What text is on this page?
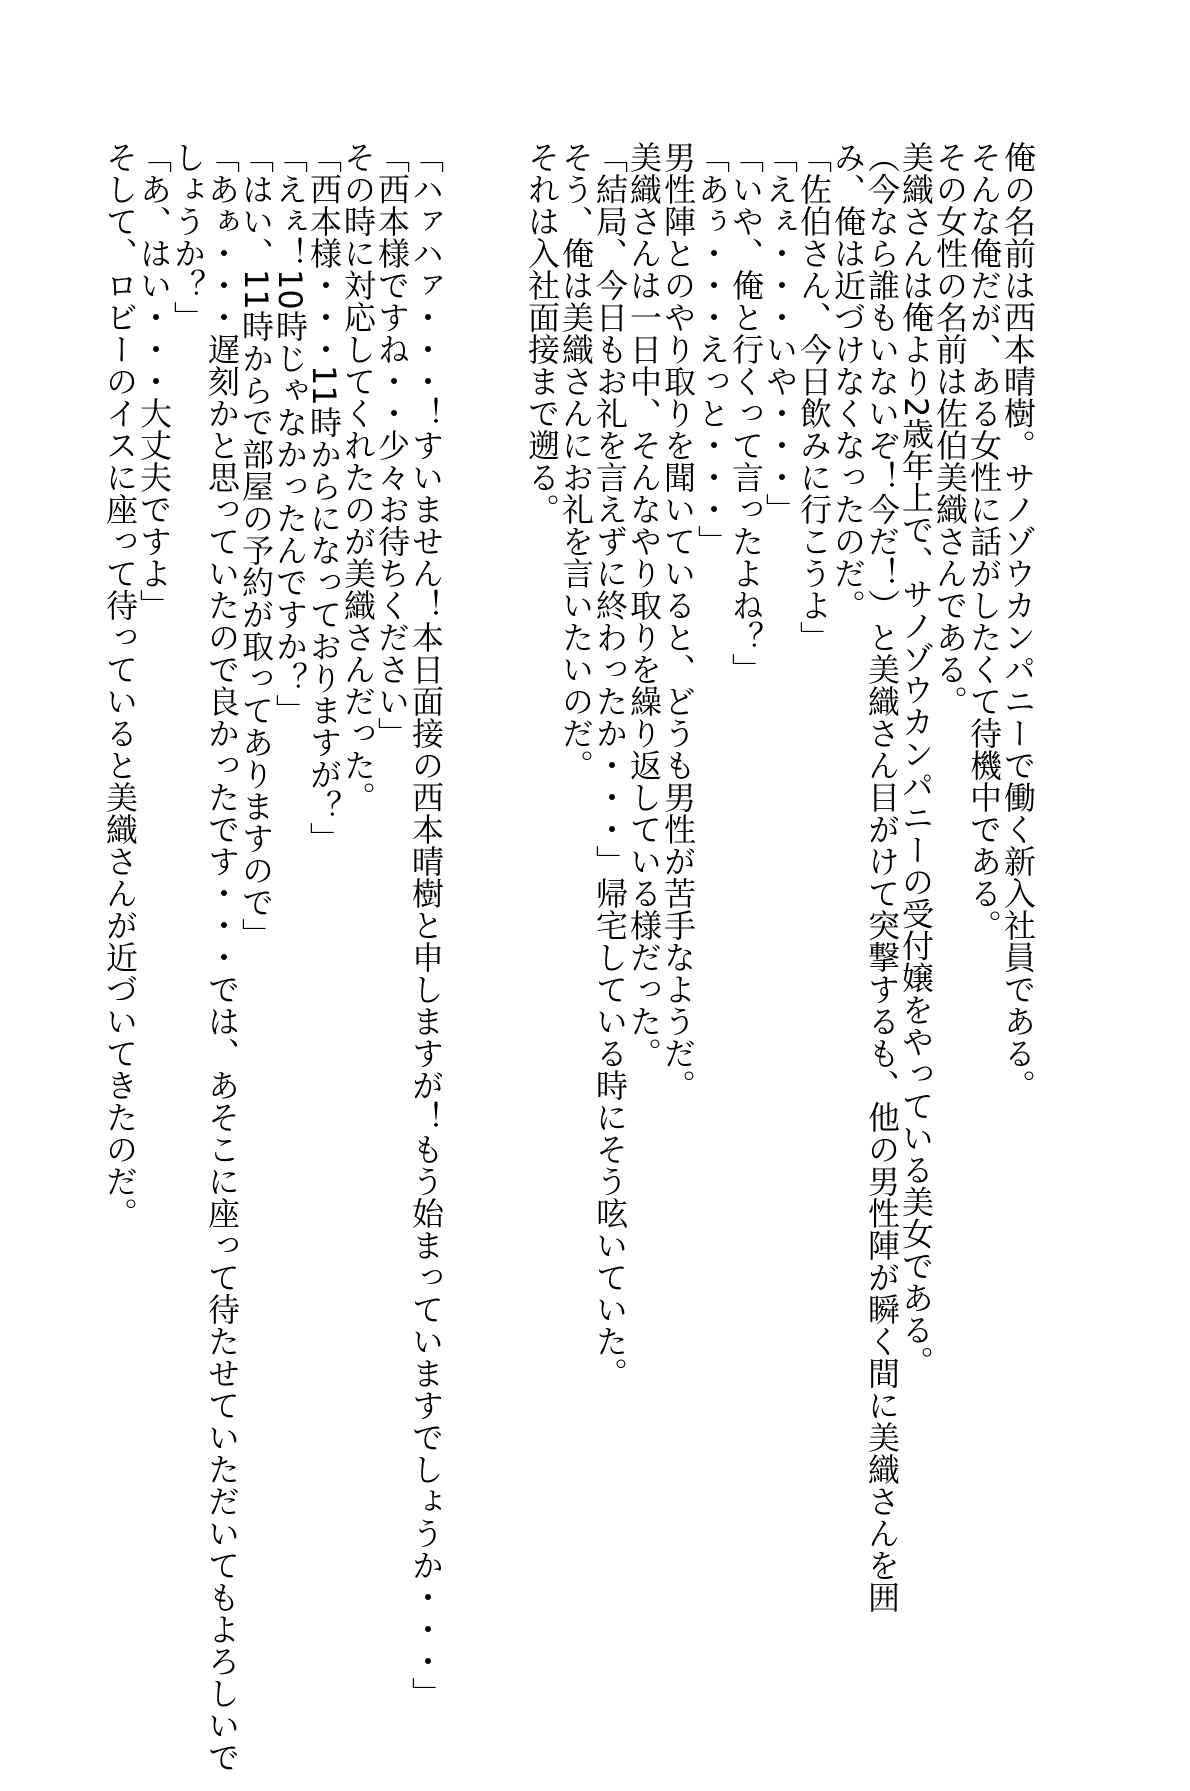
俺の名前は西本晴樹。サノゾウカンパニーで働く新入社員である。
そんな俺だが、ある女性に話がしたくて待機中である。
その女性の名前は佐伯美織さんである。
美織さんは俺より2歳年上で、サノゾウカンパニーの受付嬢をやっている美女である。
（今なら誰もいないぞ！今だ！）と美織さん目がけて突撃するも、他の男性陣が瞬く間に美織さんを囲
み、俺は近づけなくなったのだ。
「佐伯さん、今日飲みに行こうよ」
「えぇ・・・いや・・・」
「いや、俺と行くって言ったよね？」
「あぅ・・・えっと・・・」
男性陣とのやり取りを聞いていると、どうも男性が苦手なようだ。
美織さんは一日中、そんなやり取りを繰り返している様だった。
「結局、今日もお礼を言えずに終わったか・・・」帰宅している時にそう呟いていた。
そう、俺は美織さんにお礼を言いたいのだ。
それは入社面接まで遡る。
「ハァハァ・・・！すいません！本日面接の西本晴樹と申しますが！もう始まっていますでしょうか・・・」
「西本様ですね・・少々お待ちください」
その時に対応してくれたのが美織さんだった。
「西本様・・・11時からになっておりますが？」
「えぇ！10時じゃなかったんですか？」
「はい、11時からで部屋の予約が取ってありますので」
「あぁ・・・遅刻かと思っていたので良かったです・・・では、あそこに座って待たせていただいてもよろしいで
しょうか？」
「あ、はい・・・大丈夫ですよ」
そして、ロビーのイスに座って待っていると美織さんが近づいてきたのだ。
